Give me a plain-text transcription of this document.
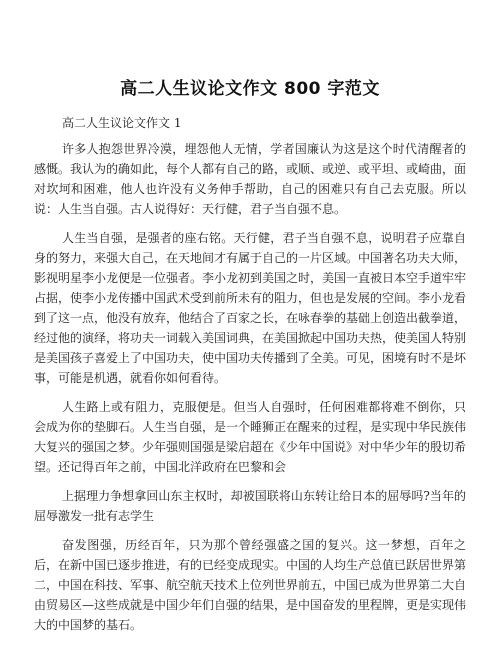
高二人生议论文作文 800 字范文

高二人生议论文作文 1

许多人抱怨世界冷漠，埋怨他人无情，学者国廉认为这是这个时代清醒者的感慨。我认为的确如此，每个人都有自己的路，或顺、或逆、或平坦、或崎曲，面对坎坷和困难，他人也许没有义务伸手帮助，自己的困难只有自己去克服。所以说：人生当自强。古人说得好：天行健，君子当自强不息。

人生当自强，是强者的座右铭。天行健，君子当自强不息，说明君子应靠自身的努力，来强大自己，在天地间才有属于自己的一片区域。中国著名功夫大师，影视明星李小龙便是一位强者。李小龙初到美国之时，美国一直被日本空手道牢牢占据，使李小龙传播中国武术受到前所未有的阻力，但也是发展的空间。李小龙看到了这一点，他没有放弃，他结合了百家之长，在咏春拳的基础上创造出截拳道，经过他的演绎，将功夫一词载入美国词典，在美国掀起中国功夫热，使美国人特别是美国孩子喜爱上了中国功夫，使中国功夫传播到了全美。可见，困境有时不是坏事，可能是机遇，就看你如何看待。

人生路上或有阻力，克服便是。但当人自强时，任何困难都将难不倒你，只会成为你的垫脚石。人生当自强，是一个睡狮正在醒来的过程，是实现中华民族伟大复兴的强国之梦。少年强则国强是梁启超在《少年中国说》对中华少年的殷切希望。还记得百年之前，中国北洋政府在巴黎和会

上据理力争想拿回山东主权时，却被国联将山东转让给日本的屈辱吗?当年的屈辱激发一批有志学生

奋发图强，历经百年，只为那个曾经强盛之国的复兴。这一梦想，百年之后，在新中国已逐步推进，有的已经变成现实。中国的人均生产总值已跃居世界第二，中国在科技、军事、航空航天技术上位列世界前五，中国已成为世界第二大自由贸易区—这些成就是中国少年们自强的结果，是中国奋发的里程牌，更是实现伟大的中国梦的基石。
